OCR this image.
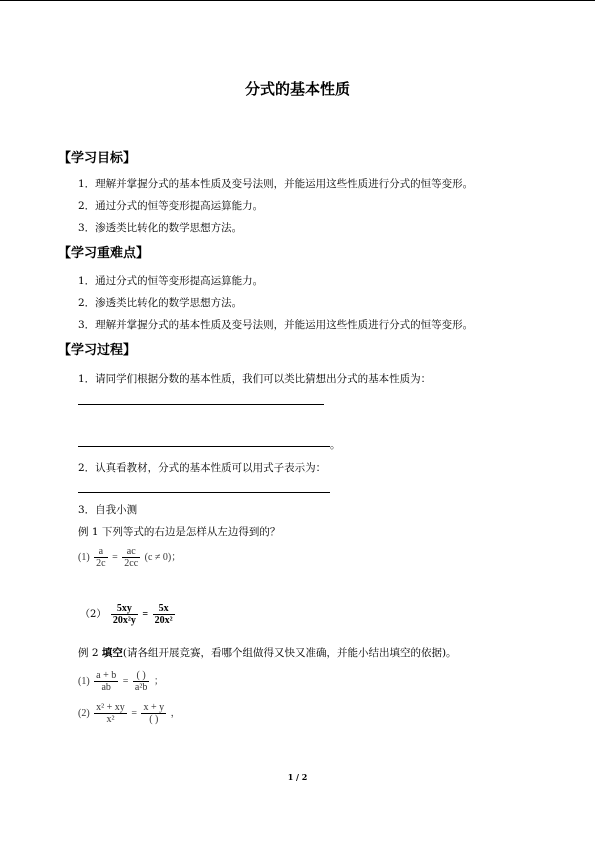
分式的基本性质
【学习目标】
1．理解并掌握分式的基本性质及变号法则，并能运用这些性质进行分式的恒等变形。
2．通过分式的恒等变形提高运算能力。
3．渗透类比转化的数学思想方法。
【学习重难点】
1．通过分式的恒等变形提高运算能力。
2．渗透类比转化的数学思想方法。
3．理解并掌握分式的基本性质及变号法则，并能运用这些性质进行分式的恒等变形。
【学习过程】
1．请同学们根据分数的基本性质，我们可以类比猜想出分式的基本性质为：
。
2．认真看教材，分式的基本性质可以用式子表示为：
3．自我小测
例 1 下列等式的右边是怎样从左边得到的？
$(1) \frac{a}{2c} = \frac{ac}{2cc} (c \ne 0)$；
$(2) \frac{5xy}{\text{20x²y}} = \frac{5x}{\text{20x²}}$
例 2 填空(请各组开展竞赛，看哪个组做得又快又准确，并能小结出填空的依据)。
$(1) \frac{a + b}{ab} = \frac{( )}{\text{a²b}}$ ；
$(2) \frac{\text{x² + xy}}{\text{x²}} = \frac{x + y}{( )}$ ，
1 / 2
